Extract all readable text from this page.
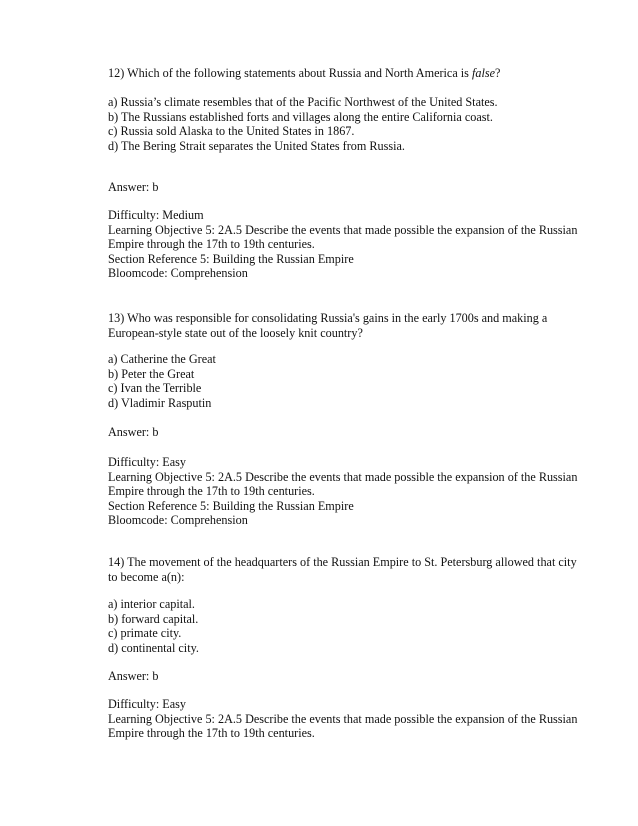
12) Which of the following statements about Russia and North America is false?
a) Russia’s climate resembles that of the Pacific Northwest of the United States.
b) The Russians established forts and villages along the entire California coast.
c) Russia sold Alaska to the United States in 1867.
d) The Bering Strait separates the United States from Russia.
Answer: b
Difficulty: Medium
Learning Objective 5: 2A.5 Describe the events that made possible the expansion of the Russian
Empire through the 17th to 19th centuries.
Section Reference 5: Building the Russian Empire
Bloomcode: Comprehension
13) Who was responsible for consolidating Russia's gains in the early 1700s and making a
European-style state out of the loosely knit country?
a) Catherine the Great
b) Peter the Great
c) Ivan the Terrible
d) Vladimir Rasputin
Answer: b
Difficulty: Easy
Learning Objective 5: 2A.5 Describe the events that made possible the expansion of the Russian
Empire through the 17th to 19th centuries.
Section Reference 5: Building the Russian Empire
Bloomcode: Comprehension
14) The movement of the headquarters of the Russian Empire to St. Petersburg allowed that city
to become a(n):
a) interior capital.
b) forward capital.
c) primate city.
d) continental city.
Answer: b
Difficulty: Easy
Learning Objective 5: 2A.5 Describe the events that made possible the expansion of the Russian
Empire through the 17th to 19th centuries.
